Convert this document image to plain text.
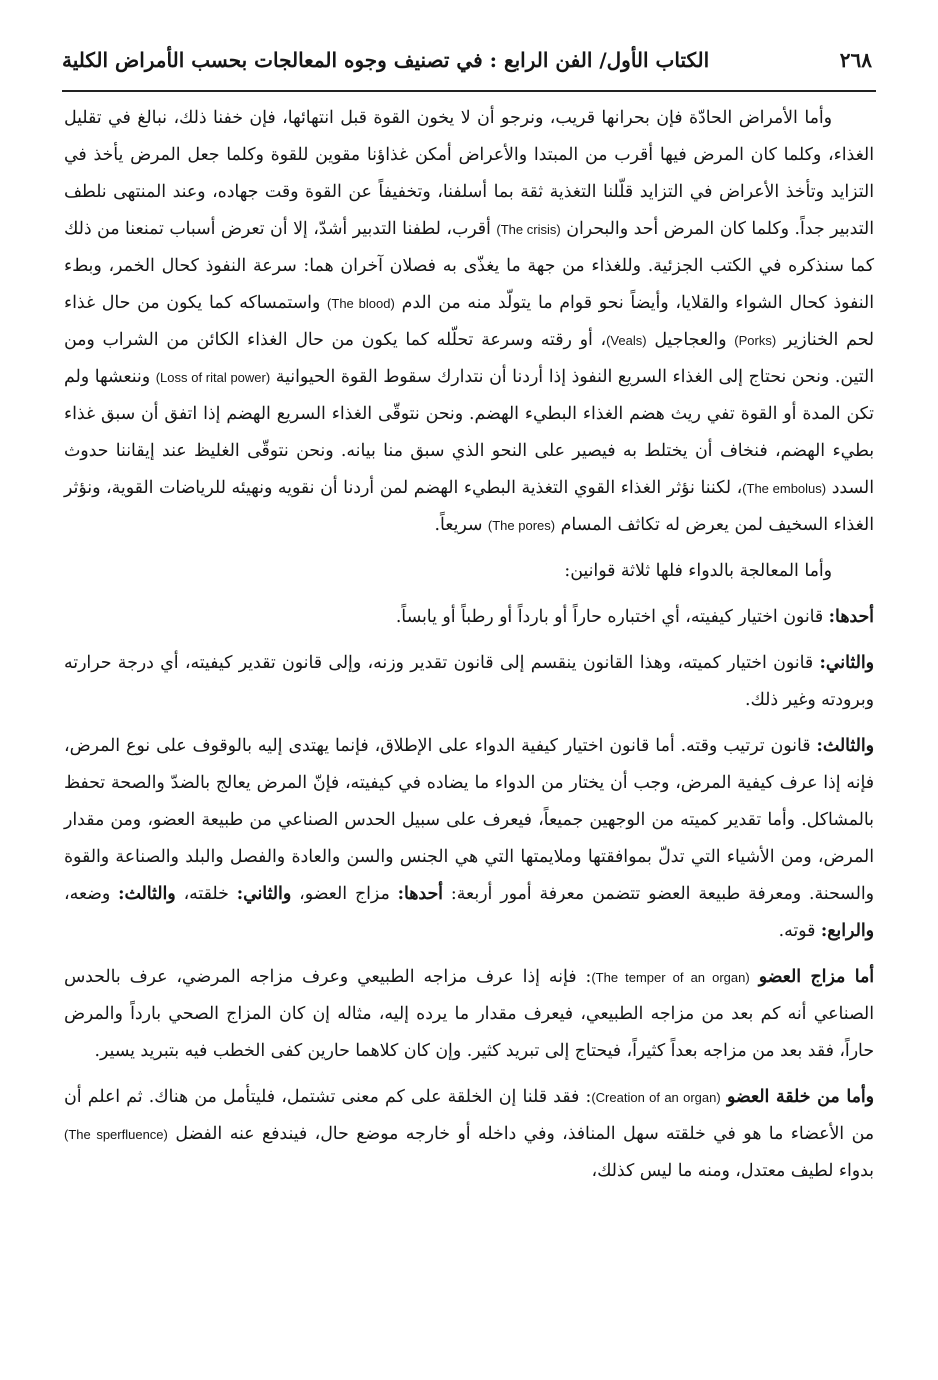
٢٦٨
الكتاب الأول/ الفن الرابع : في تصنيف وجوه المعالجات بحسب الأمراض الكلية

وأما الأمراض الحادّة فإن بحرانها قريب، ونرجو أن لا يخون القوة قبل انتهائها، فإن خفنا ذلك، نبالغ في تقليل الغذاء، وكلما كان المرض فيها أقرب من المبتدا والأعراض أمكن غذاؤنا مقوين للقوة وكلما جعل المرض يأخذ في التزايد وتأخذ الأعراض في التزايد قلّلنا التغذية ثقة بما أسلفنا، وتخفيفاً عن القوة وقت جهاده، وعند المنتهى نلطف التدبير جداً. وكلما كان المرض أحد والبحران (The crisis) أقرب، لطفنا التدبير أشدّ، إلا أن تعرض أسباب تمنعنا من ذلك كما سنذكره في الكتب الجزئية. وللغذاء من جهة ما يغذّى به فصلان آخران هما: سرعة النفوذ كحال الخمر، وبطء النفوذ كحال الشواء والقلايا، وأيضاً نحو قوام ما يتولّد منه من الدم (The blood) واستمساكه كما يكون من حال غذاء لحم الخنازير (Porks) والعجاجيل (Veals)، أو رقته وسرعة تحلّله كما يكون من حال الغذاء الكائن من الشراب ومن التين. ونحن نحتاج إلى الغذاء السريع النفوذ إذا أردنا أن نتدارك سقوط القوة الحيوانية (Loss of rital power) وننعشها ولم تكن المدة أو القوة تفي ريث هضم الغذاء البطيء الهضم. ونحن نتوقّى الغذاء السريع الهضم إذا اتفق أن سبق غذاء بطيء الهضم، فنخاف أن يختلط به فيصير على النحو الذي سبق منا بيانه. ونحن نتوقّى الغليظ عند إيقاننا حدوث السدد (The embolus)، لكننا نؤثر الغذاء القوي التغذية البطيء الهضم لمن أردنا أن نقويه ونهيئه للرياضات القوية، ونؤثر الغذاء السخيف لمن يعرض له تكاثف المسام (The pores) سريعاً.

وأما المعالجة بالدواء فلها ثلاثة قوانين:

أحدها: قانون اختيار كيفيته، أي اختباره حاراً أو بارداً أو رطباً أو يابساً.

والثاني: قانون اختيار كميته، وهذا القانون ينقسم إلى قانون تقدير وزنه، وإلى قانون تقدير كيفيته، أي درجة حرارته وبرودته وغير ذلك.

والثالث: قانون ترتيب وقته. أما قانون اختيار كيفية الدواء على الإطلاق، فإنما يهتدى إليه بالوقوف على نوع المرض، فإنه إذا عرف كيفية المرض، وجب أن يختار من الدواء ما يضاده في كيفيته، فإنّ المرض يعالج بالضدّ والصحة تحفظ بالمشاكل. وأما تقدير كميته من الوجهين جميعاً، فيعرف على سبيل الحدس الصناعي من طبيعة العضو، ومن مقدار المرض، ومن الأشياء التي تدلّ بموافقتها وملايمتها التي هي الجنس والسن والعادة والفصل والبلد والصناعة والقوة والسحنة. ومعرفة طبيعة العضو تتضمن معرفة أمور أربعة: أحدها: مزاج العضو، والثاني: خلقته، والثالث: وضعه، والرابع: قوته.

أما مزاج العضو (The temper of an organ): فإنه إذا عرف مزاجه الطبيعي وعرف مزاجه المرضي، عرف بالحدس الصناعي أنه كم بعد من مزاجه الطبيعي، فيعرف مقدار ما يرده إليه، مثاله إن كان المزاج الصحي بارداً والمرض حاراً، فقد بعد من مزاجه بعداً كثيراً، فيحتاج إلى تبريد كثير. وإن كان كلاهما حارين كفى الخطب فيه بتبريد يسير.

وأما من خلقة العضو (Creation of an organ): فقد قلنا إن الخلقة على كم معنى تشتمل، فليتأمل من هناك. ثم اعلم أن من الأعضاء ما هو في خلقته سهل المنافذ، وفي داخله أو خارجه موضع حال، فيندفع عنه الفضل (The sperfluence) بدواء لطيف معتدل، ومنه ما ليس كذلك،
